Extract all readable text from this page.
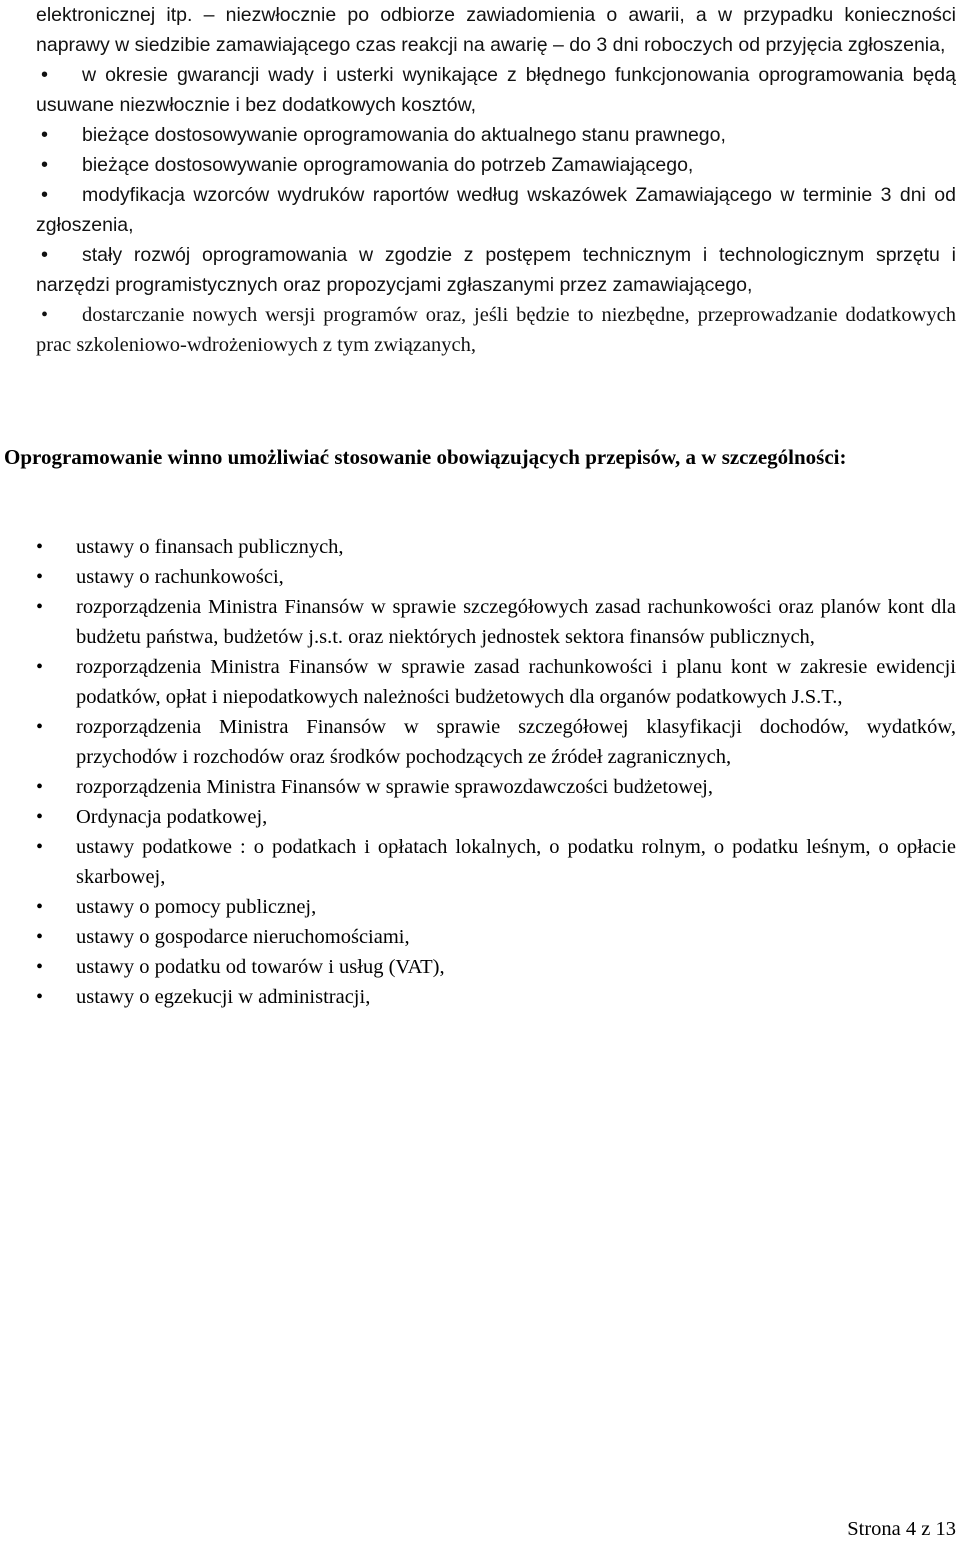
elektronicznej itp. – niezwłocznie po odbiorze zawiadomienia o awarii, a w przypadku konieczności naprawy w siedzibie zamawiającego czas reakcji na awarię – do 3 dni roboczych od przyjęcia zgłoszenia,
• w okresie gwarancji wady i usterki wynikające z błędnego funkcjonowania oprogramowania będą usuwane niezwłocznie i bez dodatkowych kosztów,
• bieżące dostosowywanie oprogramowania do aktualnego stanu prawnego,
• bieżące dostosowywanie oprogramowania do potrzeb Zamawiającego,
• modyfikacja wzorców wydruków raportów według wskazówek Zamawiającego w terminie 3 dni od zgłoszenia,
• stały rozwój oprogramowania w zgodzie z postępem technicznym i technologicznym sprzętu i narzędzi programistycznych oraz propozycjami zgłaszanymi przez zamawiającego,
• dostarczanie nowych wersji programów oraz, jeśli będzie to niezbędne, przeprowadzanie dodatkowych prac szkoleniowo-wdrożeniowych z tym związanych,
Oprogramowanie winno umożliwiać stosowanie obowiązujących przepisów, a w szczególności:
• ustawy o finansach publicznych,
• ustawy o rachunkowości,
• rozporządzenia Ministra Finansów w sprawie szczegółowych zasad rachunkowości oraz planów kont dla budżetu państwa, budżetów j.s.t. oraz niektórych jednostek sektora finansów publicznych,
• rozporządzenia Ministra Finansów w sprawie zasad rachunkowości i planu kont w zakresie ewidencji podatków, opłat i niepodatkowych należności budżetowych dla organów podatkowych J.S.T.,
• rozporządzenia Ministra Finansów w sprawie szczegółowej klasyfikacji dochodów, wydatków, przychodów i rozchodów oraz środków pochodzących ze źródeł zagranicznych,
• rozporządzenia Ministra Finansów w sprawie sprawozdawczości budżetowej,
• Ordynacja podatkowej,
• ustawy podatkowe : o podatkach i opłatach lokalnych, o podatku rolnym, o podatku leśnym, o opłacie skarbowej,
• ustawy o pomocy publicznej,
• ustawy o gospodarce nieruchomościami,
• ustawy o podatku od towarów i usług (VAT),
• ustawy o egzekucji w administracji,
Strona 4 z 13
